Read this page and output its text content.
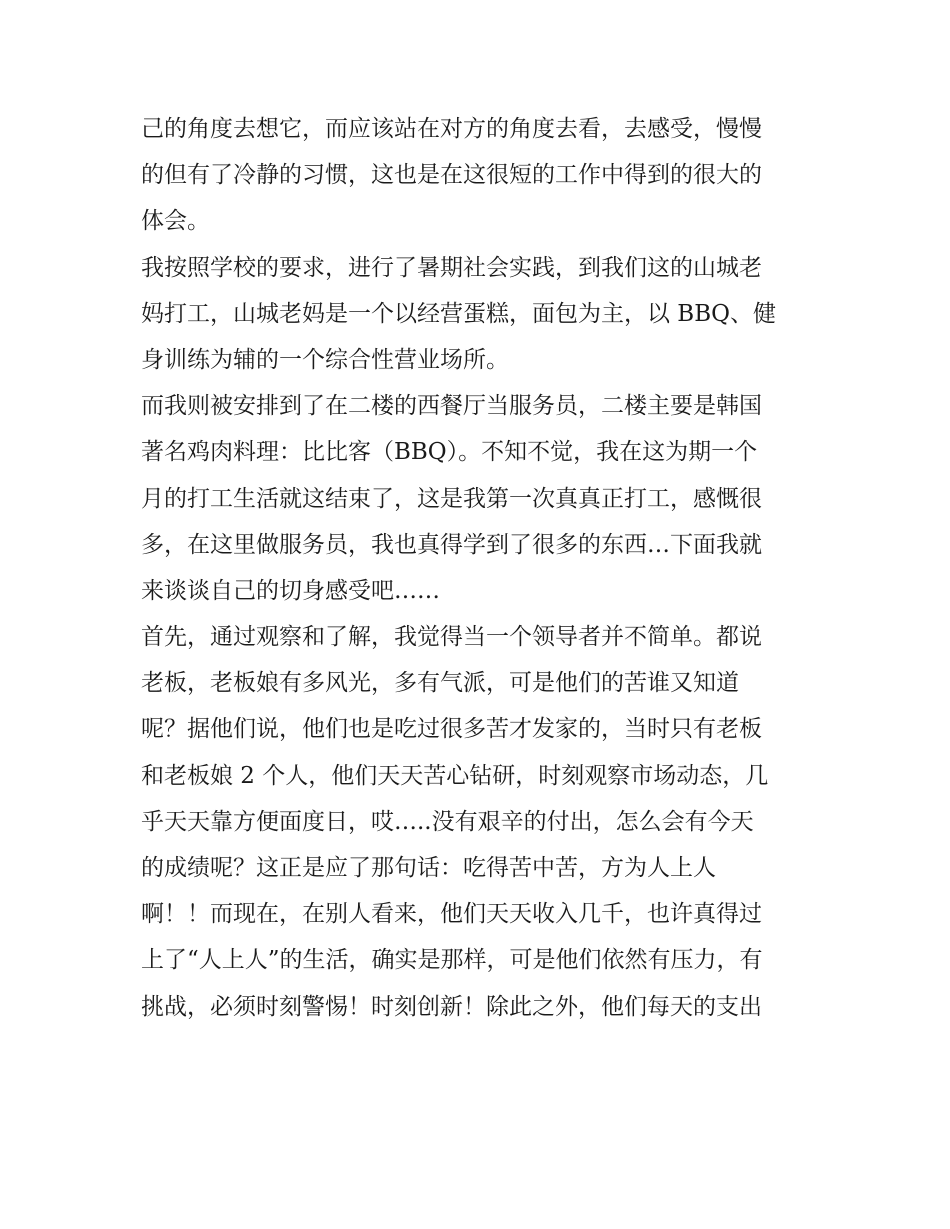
己的角度去想它，而应该站在对方的角度去看，去感受，慢慢
的但有了冷静的习惯，这也是在这很短的工作中得到的很大的
体会。
我按照学校的要求，进行了暑期社会实践，到我们这的山城老
妈打工，山城老妈是一个以经营蛋糕，面包为主，以 BBQ、健
身训练为辅的一个综合性营业场所。
而我则被安排到了在二楼的西餐厅当服务员，二楼主要是韩国
著名鸡肉料理：比比客（BBQ）。不知不觉，我在这为期一个
月的打工生活就这结束了，这是我第一次真真正打工，感慨很
多，在这里做服务员，我也真得学到了很多的东西…下面我就
来谈谈自己的切身感受吧……
首先，通过观察和了解，我觉得当一个领导者并不简单。都说
老板，老板娘有多风光，多有气派，可是他们的苦谁又知道
呢？据他们说，他们也是吃过很多苦才发家的，当时只有老板
和老板娘 2 个人，他们天天苦心钻研，时刻观察市场动态，几
乎天天靠方便面度日，哎…..没有艰辛的付出，怎么会有今天
的成绩呢？这正是应了那句话：吃得苦中苦，方为人上人
啊！！而现在，在别人看来，他们天天收入几千，也许真得过
上了“人上人”的生活，确实是那样，可是他们依然有压力，有
挑战，必须时刻警惕！时刻创新！除此之外，他们每天的支出
